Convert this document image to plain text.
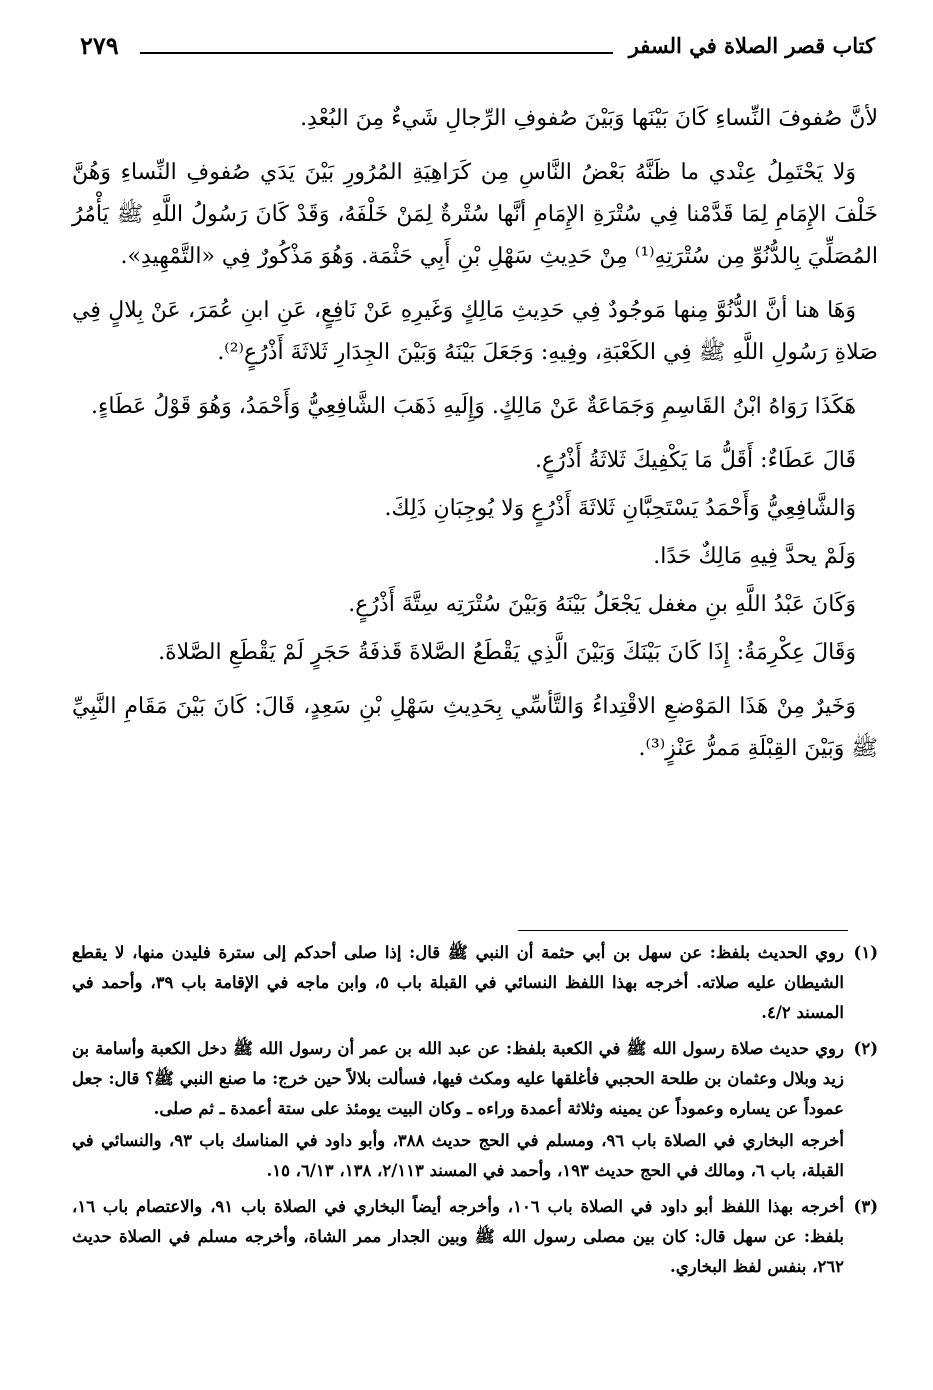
كتاب قصر الصلاة في السفر
٢٧٩

لأنَّ صُفوفَ النِّساءِ كَانَ بَيْنَها وَبَيْنَ صُفوفِ الرِّجالِ شَيءٌ مِنَ البُعْدِ.

وَلا يَحْتَمِلُ عِنْدي ما ظَنَّهُ بَعْضُ النَّاسِ مِن كَرَاهِيَةِ المُرُورِ بَيْنَ يَدَي صُفوفِ النِّساءِ وَهُنَّ خَلْفَ الإِمَامِ لِمَا قَدَّمْنا فِي سُتْرَةِ الإِمَامِ أنَّها سُتْرةٌ لِمَنْ خَلْفَهُ، وَقَدْ كَانَ رَسُولُ اللَّهِ ﷺ يَأْمُرُ المُصَلِّيَ بِالدُّنُوِّ مِن سُتْرَتِهِ⁽¹⁾ مِنْ حَدِيثِ سَهْلِ بْنِ أَبِي حَثْمَة. وَهُوَ مَذْكُورٌ فِي «التَّمْهِيدِ».

وَهَا هنا أنَّ الدُّنُوَّ مِنها مَوجُودٌ فِي حَدِيثِ مَالِكٍ وَغَيرِهِ عَنْ نَافِعٍ، عَنِ ابنِ عُمَرَ، عَنْ بِلالٍ فِي صَلاةِ رَسُولِ اللَّهِ ﷺ فِي الكَعْبَةِ، وفِيهِ: وَجَعَلَ بَيْنَهُ وَبَيْنَ الجِدَارِ ثَلاثَةَ أَذْرُعٍ⁽²⁾.

هَكَذَا رَوَاهُ ابْنُ القَاسِمِ وَجَمَاعَةٌ عَنْ مَالِكٍ. وَإِلَيهِ ذَهَبَ الشَّافِعِيُّ وَأَحْمَدُ، وَهُوَ قَوْلُ عَطَاءٍ.

قَالَ عَطَاءٌ: أَقَلُّ مَا يَكْفِيكَ ثَلاثَةُ أَذْرُعٍ.

وَالشَّافِعِيُّ وَأَحْمَدُ يَسْتَحِبَّانِ ثَلاثَةَ أَذْرُعٍ وَلا يُوجِبَانِ ذَلِكَ.

وَلَمْ يحدَّ فِيهِ مَالِكٌ حَدًا.

وَكَانَ عَبْدُ اللَّهِ بنِ مغفل يَجْعَلُ بَيْنَهُ وَبَيْنَ سُتْرَتِه سِتَّةَ أَذْرُعٍ.

وَقَالَ عِكْرِمَةُ: إِذَا كَانَ بَيْنَكَ وَبَيْنَ الَّذِي يَقْطَعُ الصَّلاةَ قَذفَةُ حَجَرٍ لَمْ يَقْطَعِ الصَّلاةَ.

وَخَيرٌ مِنْ هَذَا المَوْضعِ الاقْتِداءُ وَالتَّأسِّي بِحَدِيثِ سَهْلِ بْنِ سَعِدٍ، قَالَ: كَانَ بَيْنَ مَقَامِ النَّبِيِّ ﷺ وَبَيْنَ القِبْلَةِ مَمرُّ عَنْزٍ⁽³⁾.

(١)
روي الحديث بلفظ: عن سهل بن أبي حثمة أن النبي ﷺ قال: إذا صلى أحدكم إلى سترة فليدن منها، لا يقطع الشيطان عليه صلاته. أخرجه بهذا اللفظ النسائي في القبلة باب ٥، وابن ماجه في الإقامة باب ٣٩، وأحمد في المسند ٤/٢.
(٢)
روي حديث صلاة رسول الله ﷺ في الكعبة بلفظ: عن عبد الله بن عمر أن رسول الله ﷺ دخل الكعبة وأسامة بن زيد وبلال وعثمان بن طلحة الحجبي فأغلقها عليه ومكث فيها، فسألت بلالاً حين خرج: ما صنع النبي ﷺ؟ قال: جعل عموداً عن يساره وعموداً عن يمينه وثلاثة أعمدة وراءه ـ وكان البيت يومئذ على ستة أعمدة ـ ثم صلى.
أخرجه البخاري في الصلاة باب ٩٦، ومسلم في الحج حديث ٣٨٨، وأبو داود في المناسك باب ٩٣، والنسائي في القبلة، باب ٦، ومالك في الحج حديث ١٩٣، وأحمد في المسند ٢/١١٣، ١٣٨، ٦/١٣، ١٥.
(٣)
أخرجه بهذا اللفظ أبو داود في الصلاة باب ١٠٦، وأخرجه أيضاً البخاري في الصلاة باب ٩١، والاعتصام باب ١٦، بلفظ: عن سهل قال: كان بين مصلى رسول الله ﷺ وبين الجدار ممر الشاة، وأخرجه مسلم في الصلاة حديث ٢٦٢، بنفس لفظ البخاري.
